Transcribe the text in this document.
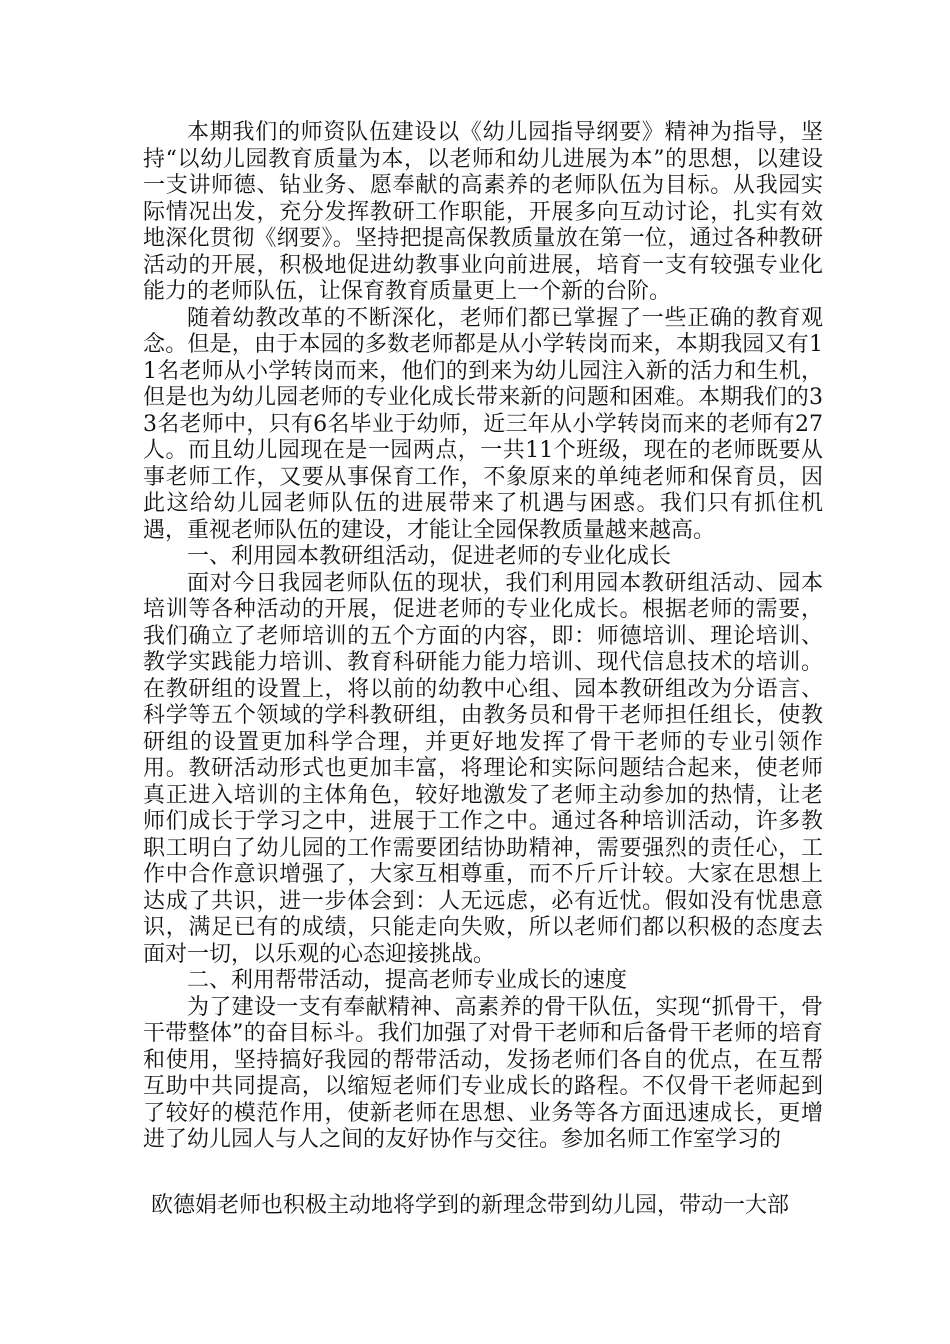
本期我们的师资队伍建设以《幼儿园指导纲要》精神为指导，坚持“以幼儿园教育质量为本，以老师和幼儿进展为本”的思想，以建设一支讲师德、钻业务、愿奉献的高素养的老师队伍为目标。从我园实际情况出发，充分发挥教研工作职能，开展多向互动讨论，扎实有效地深化贯彻《纲要》。坚持把提高保教质量放在第一位，通过各种教研活动的开展，积极地促进幼教事业向前进展，培育一支有较强专业化能力的老师队伍，让保育教育质量更上一个新的台阶。

随着幼教改革的不断深化，老师们都已掌握了一些正确的教育观念。但是，由于本园的多数老师都是从小学转岗而来，本期我园又有11名老师从小学转岗而来，他们的到来为幼儿园注入新的活力和生机，但是也为幼儿园老师的专业化成长带来新的问题和困难。本期我们的33名老师中，只有6名毕业于幼师，近三年从小学转岗而来的老师有27人。而且幼儿园现在是一园两点，一共11个班级，现在的老师既要从事老师工作，又要从事保育工作，不象原来的单纯老师和保育员，因此这给幼儿园老师队伍的进展带来了机遇与困惑。我们只有抓住机遇，重视老师队伍的建设，才能让全园保教质量越来越高。

一、利用园本教研组活动，促进老师的专业化成长

面对今日我园老师队伍的现状，我们利用园本教研组活动、园本培训等各种活动的开展，促进老师的专业化成长。根据老师的需要，我们确立了老师培训的五个方面的内容，即：师德培训、理论培训、教学实践能力培训、教育科研能力能力培训、现代信息技术的培训。在教研组的设置上，将以前的幼教中心组、园本教研组改为分语言、科学等五个领域的学科教研组，由教务员和骨干老师担任组长，使教研组的设置更加科学合理，并更好地发挥了骨干老师的专业引领作用。教研活动形式也更加丰富，将理论和实际问题结合起来，使老师真正进入培训的主体角色，较好地激发了老师主动参加的热情，让老师们成长于学习之中，进展于工作之中。通过各种培训活动，许多教职工明白了幼儿园的工作需要团结协助精神，需要强烈的责任心，工作中合作意识增强了，大家互相尊重，而不斤斤计较。大家在思想上达成了共识，进一步体会到：人无远虑，必有近忧。假如没有忧患意识，满足已有的成绩，只能走向失败，所以老师们都以积极的态度去面对一切，以乐观的心态迎接挑战。

二、利用帮带活动，提高老师专业成长的速度

为了建设一支有奉献精神、高素养的骨干队伍，实现“抓骨干，骨干带整体”的奋目标斗。我们加强了对骨干老师和后备骨干老师的培育和使用，坚持搞好我园的帮带活动，发扬老师们各自的优点，在互帮互助中共同提高，以缩短老师们专业成长的路程。不仅骨干老师起到了较好的模范作用，使新老师在思想、业务等各方面迅速成长，更增进了幼儿园人与人之间的友好协作与交往。参加名师工作室学习的

欧德娟老师也积极主动地将学到的新理念带到幼儿园，带动一大部
